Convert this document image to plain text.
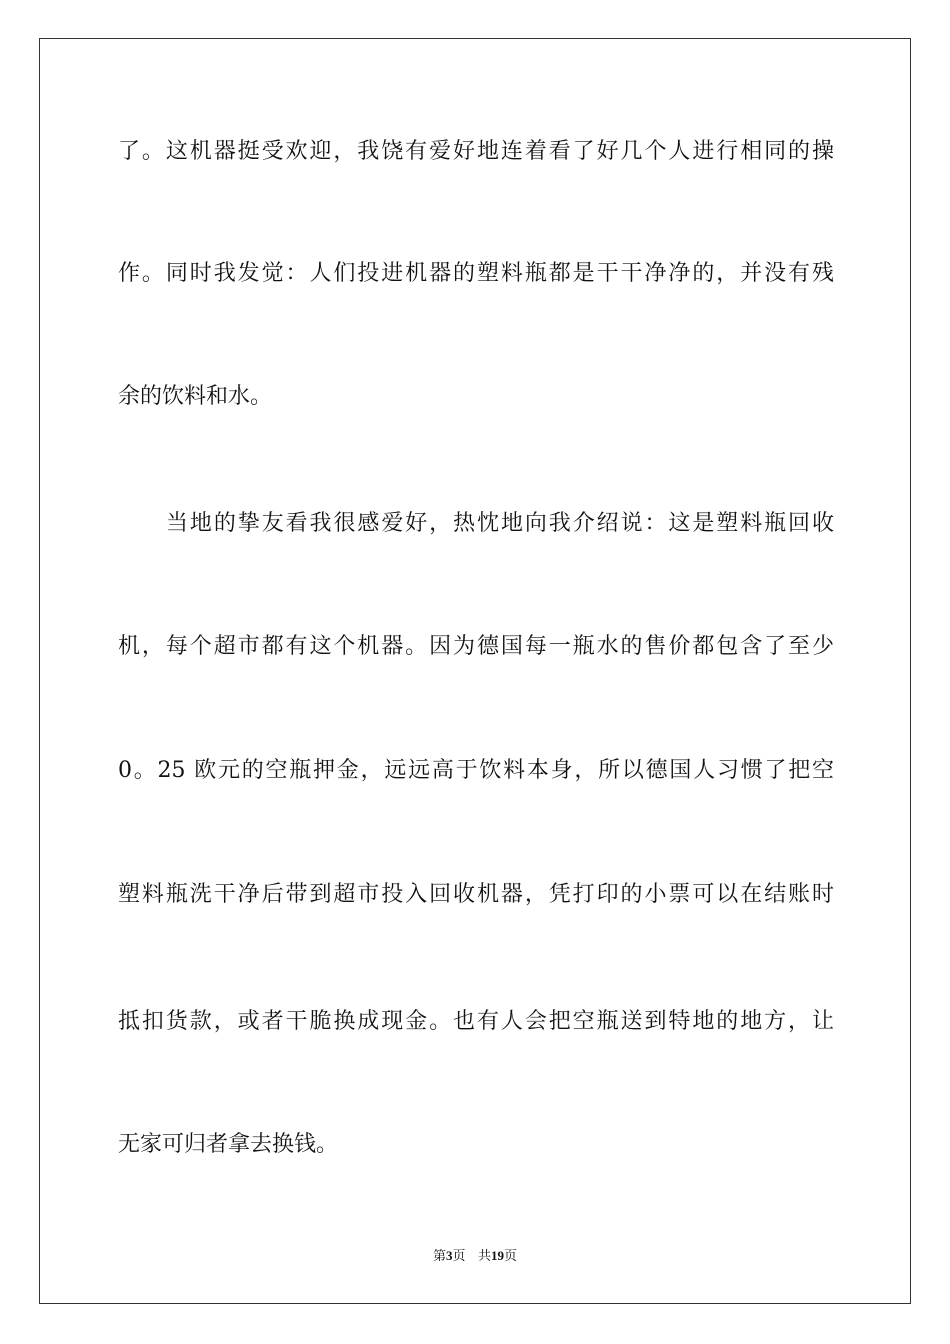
了。这机器挺受欢迎，我饶有爱好地连着看了好几个人进行相同的操
作。同时我发觉：人们投进机器的塑料瓶都是干干净净的，并没有残
余的饮料和水。
当地的挚友看我很感爱好，热忱地向我介绍说：这是塑料瓶回收
机，每个超市都有这个机器。因为德国每一瓶水的售价都包含了至少
0。25 欧元的空瓶押金，远远高于饮料本身，所以德国人习惯了把空
塑料瓶洗干净后带到超市投入回收机器，凭打印的小票可以在结账时
抵扣货款，或者干脆换成现金。也有人会把空瓶送到特地的地方，让
无家可归者拿去换钱。
第3页 共19页
